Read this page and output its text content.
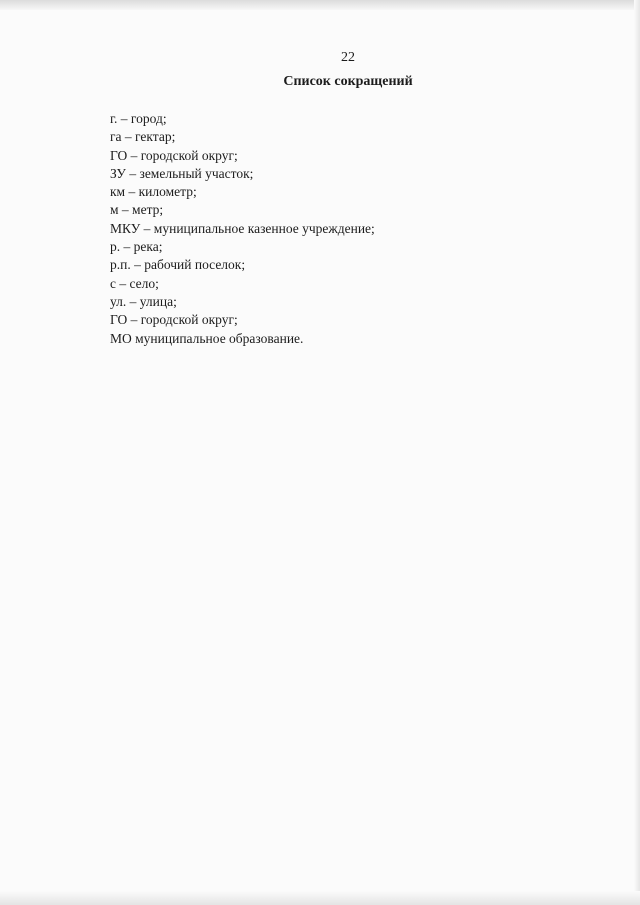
22
Список сокращений
г. – город;
га – гектар;
ГО – городской округ;
ЗУ – земельный участок;
км – километр;
м – метр;
МКУ – муниципальное казенное учреждение;
р. – река;
р.п. – рабочий поселок;
с – село;
ул. – улица;
ГО – городской округ;
МО муниципальное образование.
